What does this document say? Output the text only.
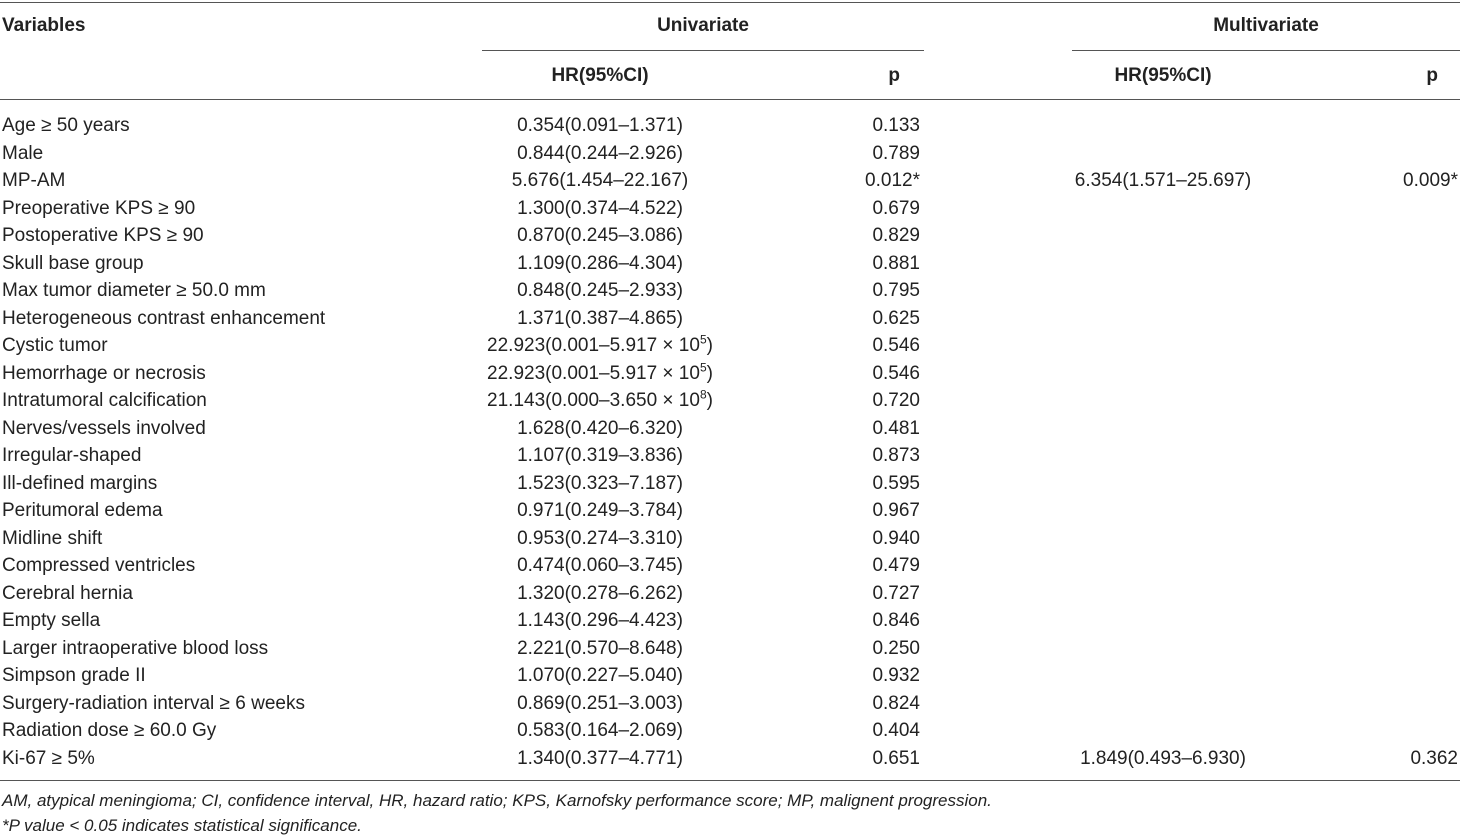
Variables	Univariate	Multivariate
HR(95%CI)	p	HR(95%CI)	p
Age ≥ 50 years	0.354(0.091–1.371)	0.133
Male	0.844(0.244–2.926)	0.789
MP-AM	5.676(1.454–22.167)	0.012*	6.354(1.571–25.697)	0.009*
Preoperative KPS ≥ 90	1.300(0.374–4.522)	0.679
Postoperative KPS ≥ 90	0.870(0.245–3.086)	0.829
Skull base group	1.109(0.286–4.304)	0.881
Max tumor diameter ≥ 50.0 mm	0.848(0.245–2.933)	0.795
Heterogeneous contrast enhancement	1.371(0.387–4.865)	0.625
Cystic tumor	$22.923(0.001-5.917 \times 10^5)$	0.546
Hemorrhage or necrosis	$22.923(0.001-5.917 \times 10^5)$	0.546
Intratumoral calcification	$21.143(0.000-3.650 \times 10^8)$	0.720
Nerves/vessels involved	1.628(0.420–6.320)	0.481
Irregular-shaped	1.107(0.319–3.836)	0.873
Ill-defined margins	1.523(0.323–7.187)	0.595
Peritumoral edema	0.971(0.249–3.784)	0.967
Midline shift	0.953(0.274–3.310)	0.940
Compressed ventricles	0.474(0.060–3.745)	0.479
Cerebral hernia	1.320(0.278–6.262)	0.727
Empty sella	1.143(0.296–4.423)	0.846
Larger intraoperative blood loss	2.221(0.570–8.648)	0.250
Simpson grade II	1.070(0.227–5.040)	0.932
Surgery-radiation interval ≥ 6 weeks	0.869(0.251–3.003)	0.824
Radiation dose ≥ 60.0 Gy	0.583(0.164–2.069)	0.404
Ki-67 ≥ 5%	1.340(0.377–4.771)	0.651	1.849(0.493–6.930)	0.362
AM, atypical meningioma; CI, confidence interval, HR, hazard ratio; KPS, Karnofsky performance score; MP, malignent progression.
*P value < 0.05 indicates statistical significance.
